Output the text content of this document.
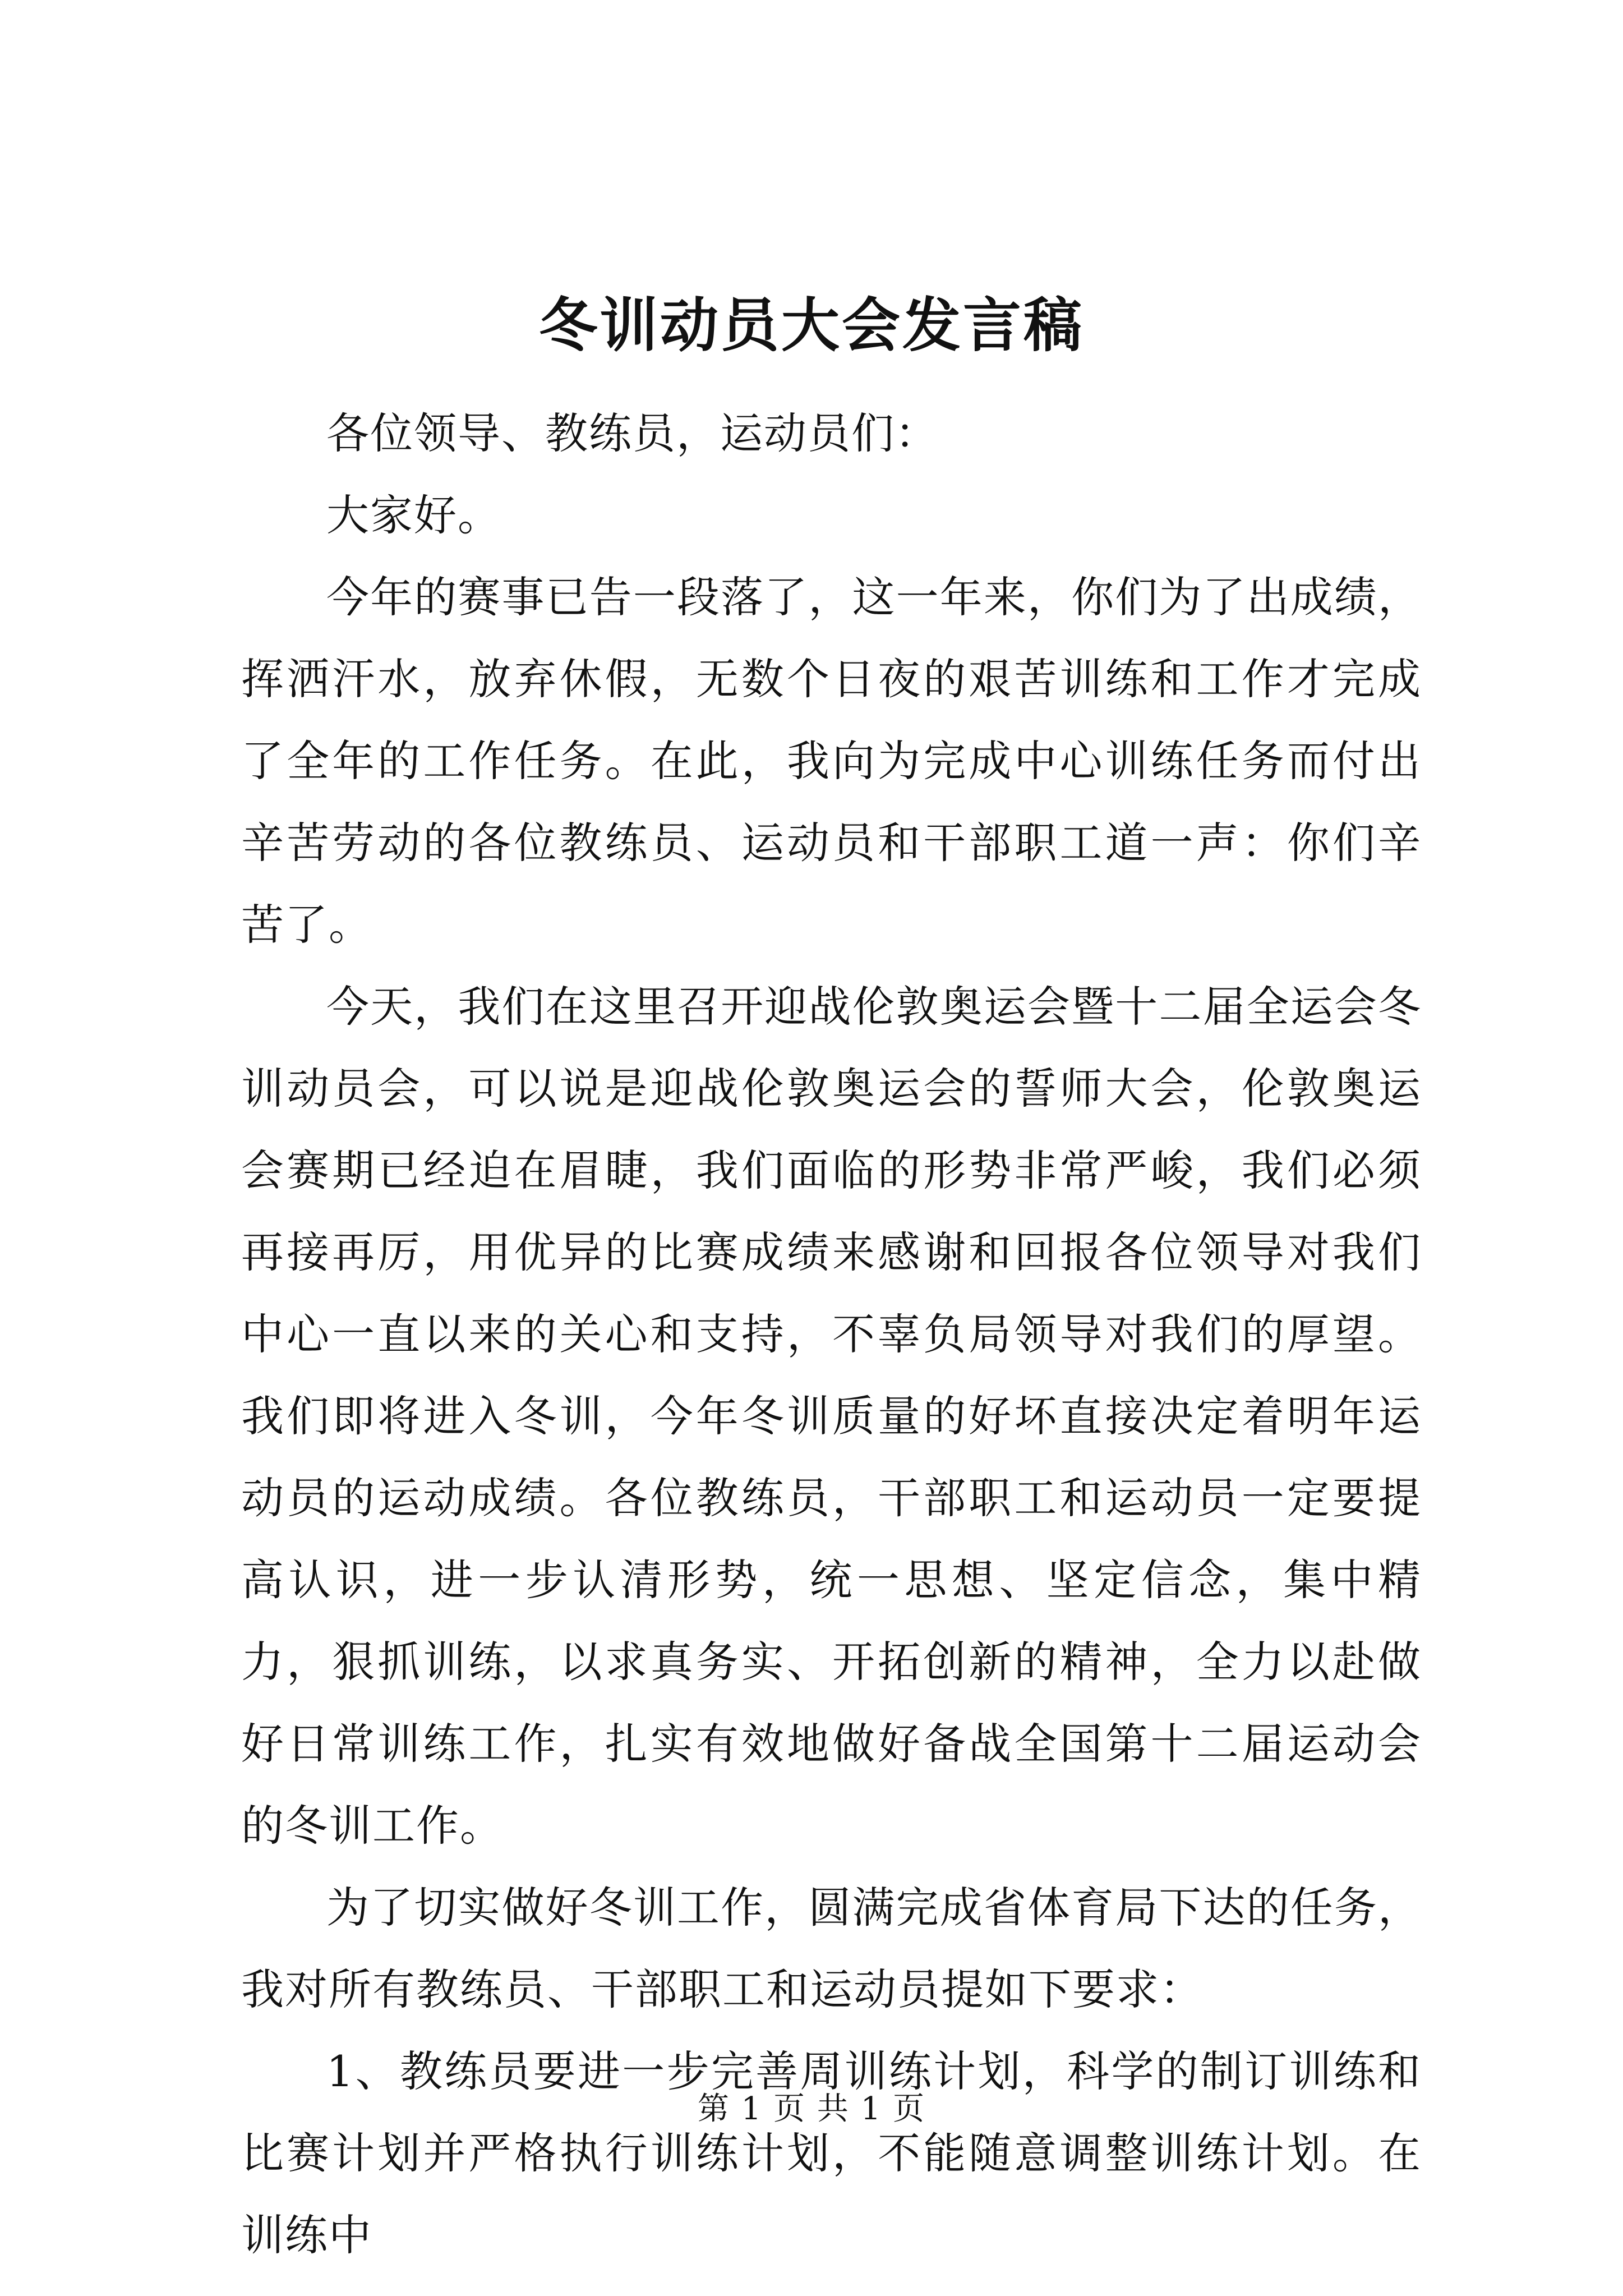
冬训动员大会发言稿

各位领导、教练员，运动员们：

大家好。

今年的赛事已告一段落了，这一年来，你们为了出成绩，挥洒汗水，放弃休假，无数个日夜的艰苦训练和工作才完成了全年的工作任务。在此，我向为完成中心训练任务而付出辛苦劳动的各位教练员、运动员和干部职工道一声：你们辛苦了。

今天，我们在这里召开迎战伦敦奥运会暨十二届全运会冬训动员会，可以说是迎战伦敦奥运会的誓师大会，伦敦奥运会赛期已经迫在眉睫，我们面临的形势非常严峻，我们必须再接再厉，用优异的比赛成绩来感谢和回报各位领导对我们中心一直以来的关心和支持，不辜负局领导对我们的厚望。我们即将进入冬训，今年冬训质量的好坏直接决定着明年运动员的运动成绩。各位教练员，干部职工和运动员一定要提高认识，进一步认清形势，统一思想、坚定信念，集中精力，狠抓训练，以求真务实、开拓创新的精神，全力以赴做好日常训练工作，扎实有效地做好备战全国第十二届运动会的冬训工作。

为了切实做好冬训工作，圆满完成省体育局下达的任务，我对所有教练员、干部职工和运动员提如下要求：

1、教练员要进一步完善周训练计划，科学的制订训练和比赛计划并严格执行训练计划，不能随意调整训练计划。在训练中

第 1 页 共 1 页
